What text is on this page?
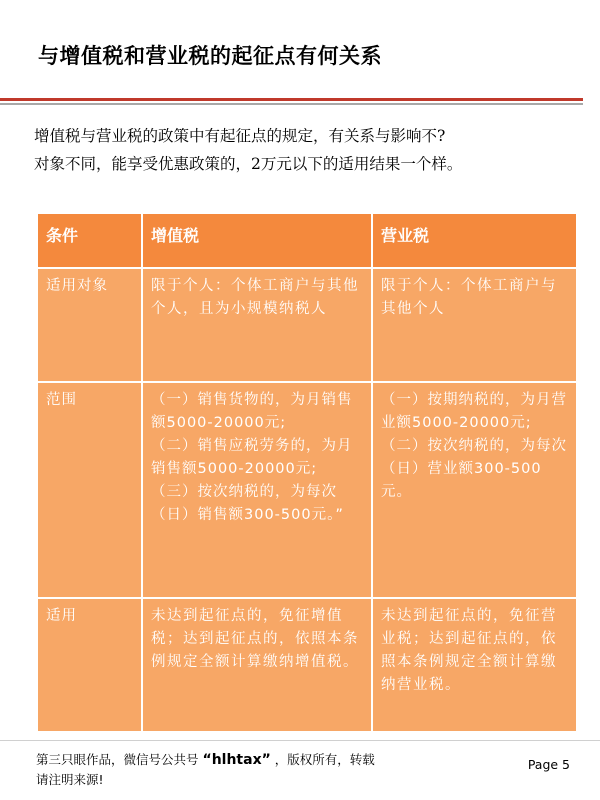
与增值税和营业税的起征点有何关系
增值税与营业税的政策中有起征点的规定，有关系与影响不?
对象不同，能享受优惠政策的，2万元以下的适用结果一个样。
条件	增值税	营业税
适用对象	限于个人：个体工商户与其他个人，且为小规模纳税人	限于个人：个体工商户与其他个人

范围	（一）销售货物的，为月销售额5000-20000元;
（二）销售应税劳务的，为月销售额5000-20000元;
（三）按次纳税的，为每次（日）销售额300-500元。”	（一）按期纳税的，为月营业额5000-20000元;
（二）按次纳税的，为每次（日）营业额300-500元。

适用	未达到起征点的，免征增值税；达到起征点的，依照本条例规定全额计算缴纳增值税。	未达到起征点的，免征营业税；达到起征点的，依照本条例规定全额计算缴纳营业税。
第三只眼作品，微信号公共号 “hlhtax” ，版权所有，转载请注明来源!
Page 5
